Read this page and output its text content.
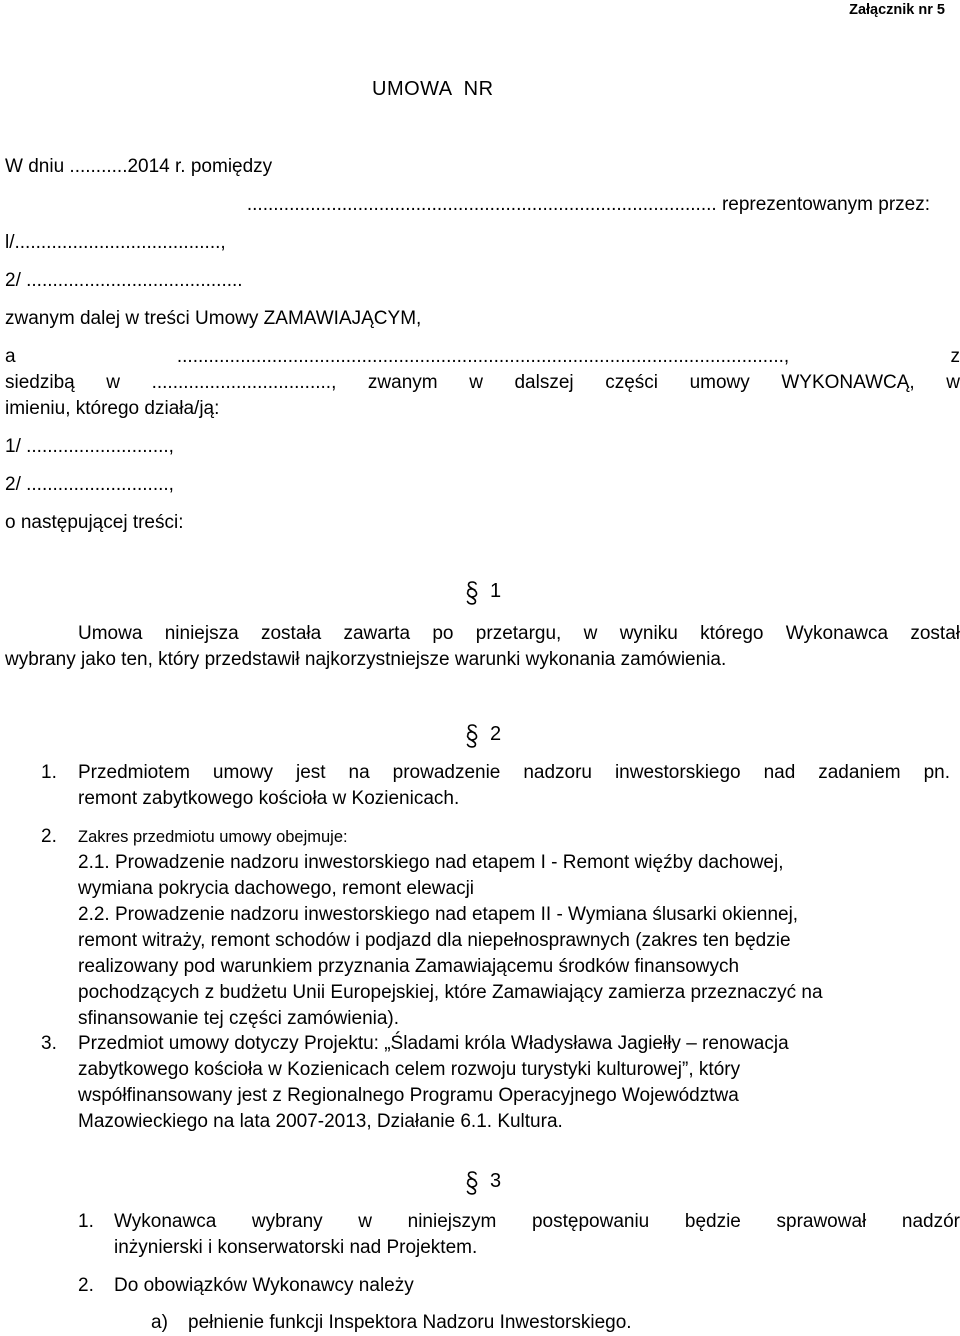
Załącznik nr 5
UMOWA  NR
W dniu ...........2014 r. pomiędzy
......................................................................................... reprezentowanym przez:
l/.......................................,
2/ .........................................
zwanym dalej w treści Umowy ZAMAWIAJĄCYM,
a	...................................................................................................................,	z
siedzibą w .................................., zwanym w dalszej części umowy WYKONAWCĄ, w
imieniu, którego działa/ją:
1/ ...........................,
2/ ...........................,
o następującej treści:
1
Umowa niniejsza została zawarta po przetargu, w wyniku którego Wykonawca został
wybrany jako ten, który przedstawił najkorzystniejsze warunki wykonania zamówienia.
2
1. Przedmiotem umowy jest na prowadzenie nadzoru inwestorskiego nad zadaniem pn.
remont zabytkowego kościoła w Kozienicach.
2. Zakres przedmiotu umowy obejmuje:
2.1. Prowadzenie nadzoru inwestorskiego nad etapem I - Remont więźby dachowej,
wymiana pokrycia dachowego, remont elewacji
2.2. Prowadzenie nadzoru inwestorskiego nad etapem II - Wymiana ślusarki okiennej,
remont witraży, remont schodów i podjazd dla niepełnosprawnych (zakres ten będzie
realizowany pod warunkiem przyznania Zamawiającemu środków finansowych
pochodzących z budżetu Unii Europejskiej, które Zamawiający zamierza przeznaczyć na
sfinansowanie tej części zamówienia).
3. Przedmiot umowy dotyczy Projektu: „Śladami króla Władysława Jagiełły – renowacja
zabytkowego kościoła w Kozienicach celem rozwoju turystyki kulturowej”, który
współfinansowany jest z Regionalnego Programu Operacyjnego Województwa
Mazowieckiego na lata 2007-2013, Działanie 6.1. Kultura.
3
1. Wykonawca wybrany w niniejszym postępowaniu będzie sprawował nadzór
inżynierski i konserwatorski nad Projektem.
2. Do obowiązków Wykonawcy należy
a) pełnienie funkcji Inspektora Nadzoru Inwestorskiego.
